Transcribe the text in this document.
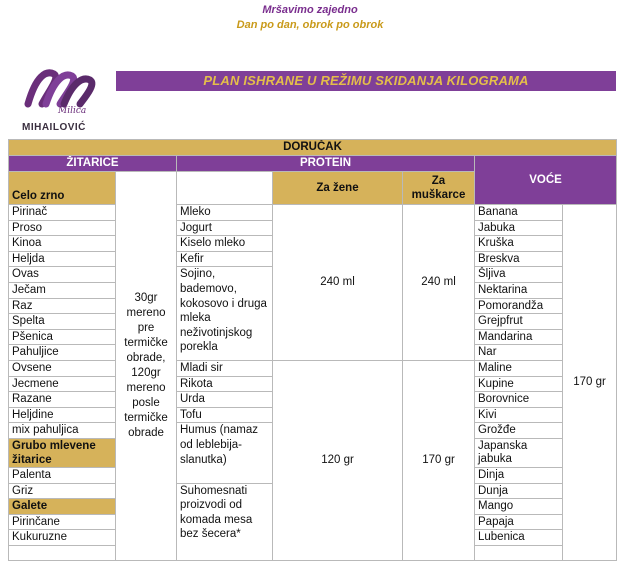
Mršavimo zajedno
Dan po dan, obrok po obrok
Milica
MIHAILOVIĆ
PLAN ISHRANE U REŽIMU SKIDANJA KILOGRAMA
DORUČAK						
ŽITARICE		PROTEIN			VOĆE	
Celo zrno	30gr mereno pre termičke obrade, 120gr mereno posle termičke obrade		Za žene	Za muškarce		
Pirinač		Mleko	240 ml	240 ml	Banana	170 gr
Proso		Jogurt			Jabuka	
Kinoa		Kiselo mleko			Kruška	
Heljda		Kefir			Breskva	
Ovas		Sojino, bademovo, kokosovo i druga mleka neživotinjskog porekla			Šljiva	
Ječam					Nektarina	
Raz					Pomorandža	
Spelta					Grejpfrut	
Pšenica					Mandarina	
Pahuljice					Nar	
Ovsene		Mladi sir	120 gr	170 gr	Maline	
Jecmene		Rikota			Kupine	
Razane		Urda			Borovnice	
Heljdine		Tofu			Kivi	
mix pahuljica		Humus (namaz od leblebija-slanutka)			Grožđe	
Grubo mlevene žitarice					Japanska jabuka	
Palenta					Dinja	
Griz		Suhomesnati proizvodi od komada mesa bez šecera*			Dunja	
Galete					Mango	
Pirinčane					Papaja	
Kukuruzne					Lubenica	
